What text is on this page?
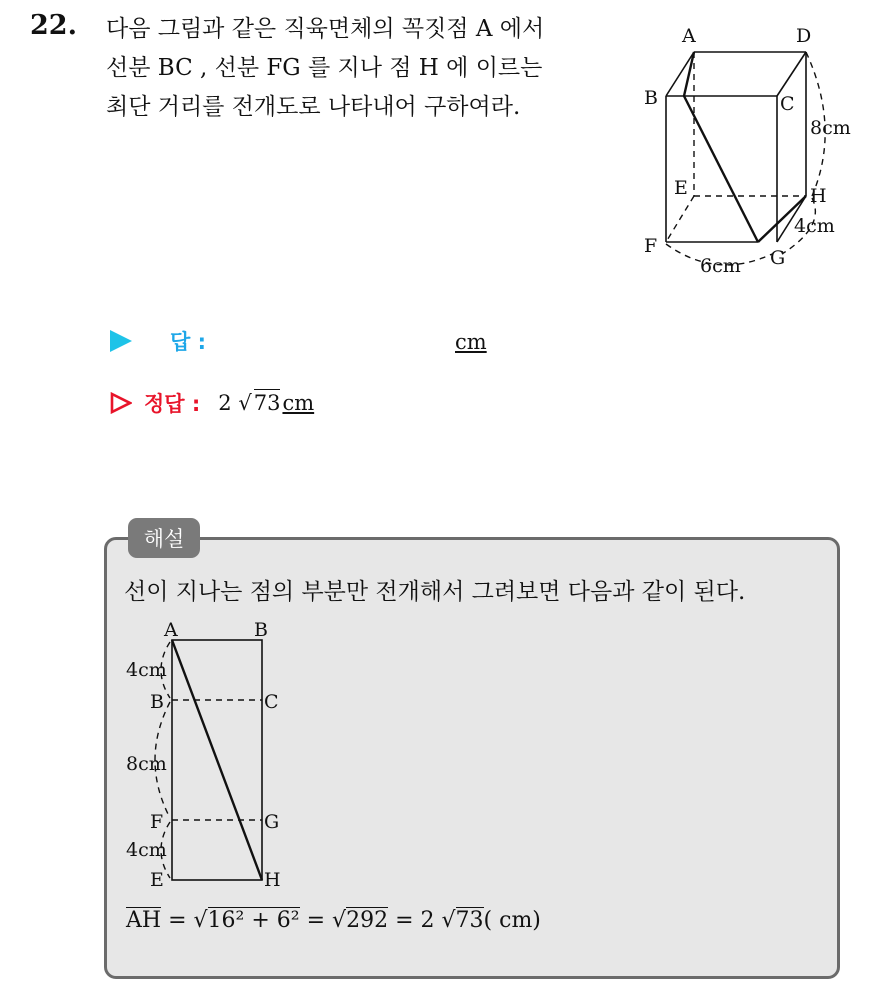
22. 다음 그림과 같은 직육면체의 꼭짓점 A 에서
선분 BC , 선분 FG 를 지나 점 H 에 이르는
최단 거리를 전개도로 나타내어 구하여라.
A
B	C
D
E
F
G
H
8cm
4cm
6cm
답 :	cm
정답 : 2 √73cm
해설
선이 지나는 점의 부분만 전개해서 그려보면 다음과 같이 된다.
A
B
F
E
B
C
G
H
4cm
8cm
4cm
AH = √16² + 6² = √292 = 2 √73( cm)
